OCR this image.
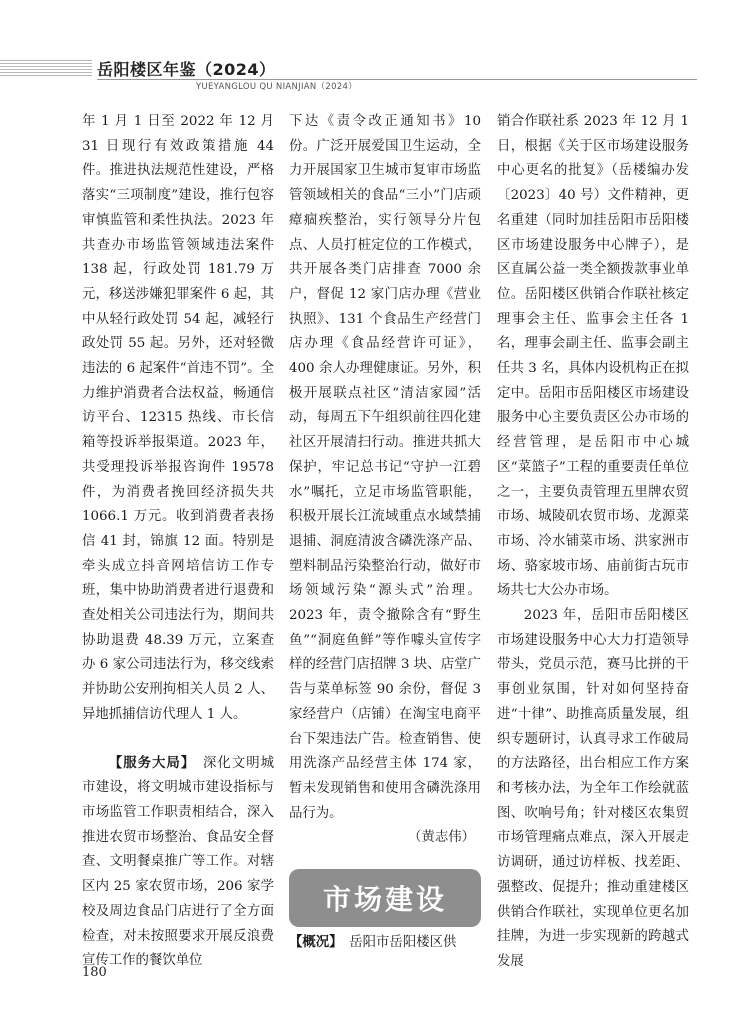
岳阳楼区年鉴（2024）
YUEYANGLOU QU NIANJIAN（2024）

年 1 月 1 日至 2022 年 12 月 31 日现行有效政策措施 44 件。推进执法规范性建设，严格落实“三项制度”建设，推行包容审慎监管和柔性执法。2023 年共查办市场监管领域违法案件 138 起，行政处罚 181.79 万元，移送涉嫌犯罪案件 6 起，其中从轻行政处罚 54 起，减轻行政处罚 55 起。另外，还对轻微违法的 6 起案件“首违不罚”。全力维护消费者合法权益，畅通信访平台、12315 热线、市长信箱等投诉举报渠道。2023 年，共受理投诉举报咨询件 19578 件，为消费者挽回经济损失共 1066.1 万元。收到消费者表扬信 41 封，锦旗 12 面。特别是牵头成立抖音网培信访工作专班，集中协助消费者进行退费和查处相关公司违法行为，期间共协助退费 48.39 万元，立案查办 6 家公司违法行为，移交线索并协助公安刑拘相关人员 2 人、异地抓捕信访代理人 1 人。

【服务大局】　 深化文明城市建设，将文明城市建设指标与市场监管工作职责相结合，深入推进农贸市场整治、食品安全督查、文明餐桌推广等工作。对辖区内 25 家农贸市场，206 家学校及周边食品门店进行了全方面检查，对未按照要求开展反浪费宣传工作的餐饮单位

下达《责令改正通知书》10 份。广泛开展爱国卫生运动，全力开展国家卫生城市复审市场监管领域相关的食品“三小”门店顽瘴痼疾整治，实行领导分片包点、人员打桩定位的工作模式，共开展各类门店排查 7000 余户，督促 12 家门店办理《营业执照》、131 个食品生产经营门店办理《食品经营许可证》，400 余人办理健康证。另外，积极开展联点社区“清洁家园”活动，每周五下午组织前往四化建社区开展清扫行动。推进共抓大保护，牢记总书记“守护一江碧水”嘱托，立足市场监管职能，积极开展长江流域重点水域禁捕退捕、洞庭清波含磷洗涤产品、塑料制品污染整治行动，做好市场领域污染“源头式”治理。2023 年，责令撤除含有“野生鱼”“洞庭鱼鲜”等作噱头宣传字样的经营门店招牌 3 块、店堂广告与菜单标签 90 余份，督促 3 家经营户（店铺）在淘宝电商平台下架违法广告。检查销售、使用洗涤产品经营主体 174 家，暂未发现销售和使用含磷洗涤用品行为。

（黄志伟）
市场建设

【概况】　 岳阳市岳阳楼区供

销合作联社系 2023 年 12 月 1 日，根据《关于区市场建设服务中心更名的批复》（岳楼编办发〔2023〕40 号）文件精神，更名重建（同时加挂岳阳市岳阳楼区市场建设服务中心牌子），是区直属公益一类全额拨款事业单位。岳阳楼区供销合作联社核定理事会主任、监事会主任各 1 名，理事会副主任、监事会副主任共 3 名，具体内设机构正在拟定中。岳阳市岳阳楼区市场建设服务中心主要负责区公办市场的经营管理，是岳阳市中心城区“菜篮子”工程的重要责任单位之一，主要负责管理五里牌农贸市场、城陵矶农贸市场、龙源菜市场、冷水铺菜市场、洪家洲市场、骆家坡市场、庙前街古玩市场共七大公办市场。

2023 年，岳阳市岳阳楼区市场建设服务中心大力打造领导带头，党员示范，赛马比拼的干事创业氛围，针对如何坚持奋进“十律”、助推高质量发展，组织专题研讨，认真寻求工作破局的方法路径，出台相应工作方案和考核办法，为全年工作绘就蓝图、吹响号角；针对楼区农集贸市场管理痛点难点，深入开展走访调研，通过访样板、找差距、强整改、促提升；推动重建楼区供销合作联社，实现单位更名加挂牌，为进一步实现新的跨越式发展

180
